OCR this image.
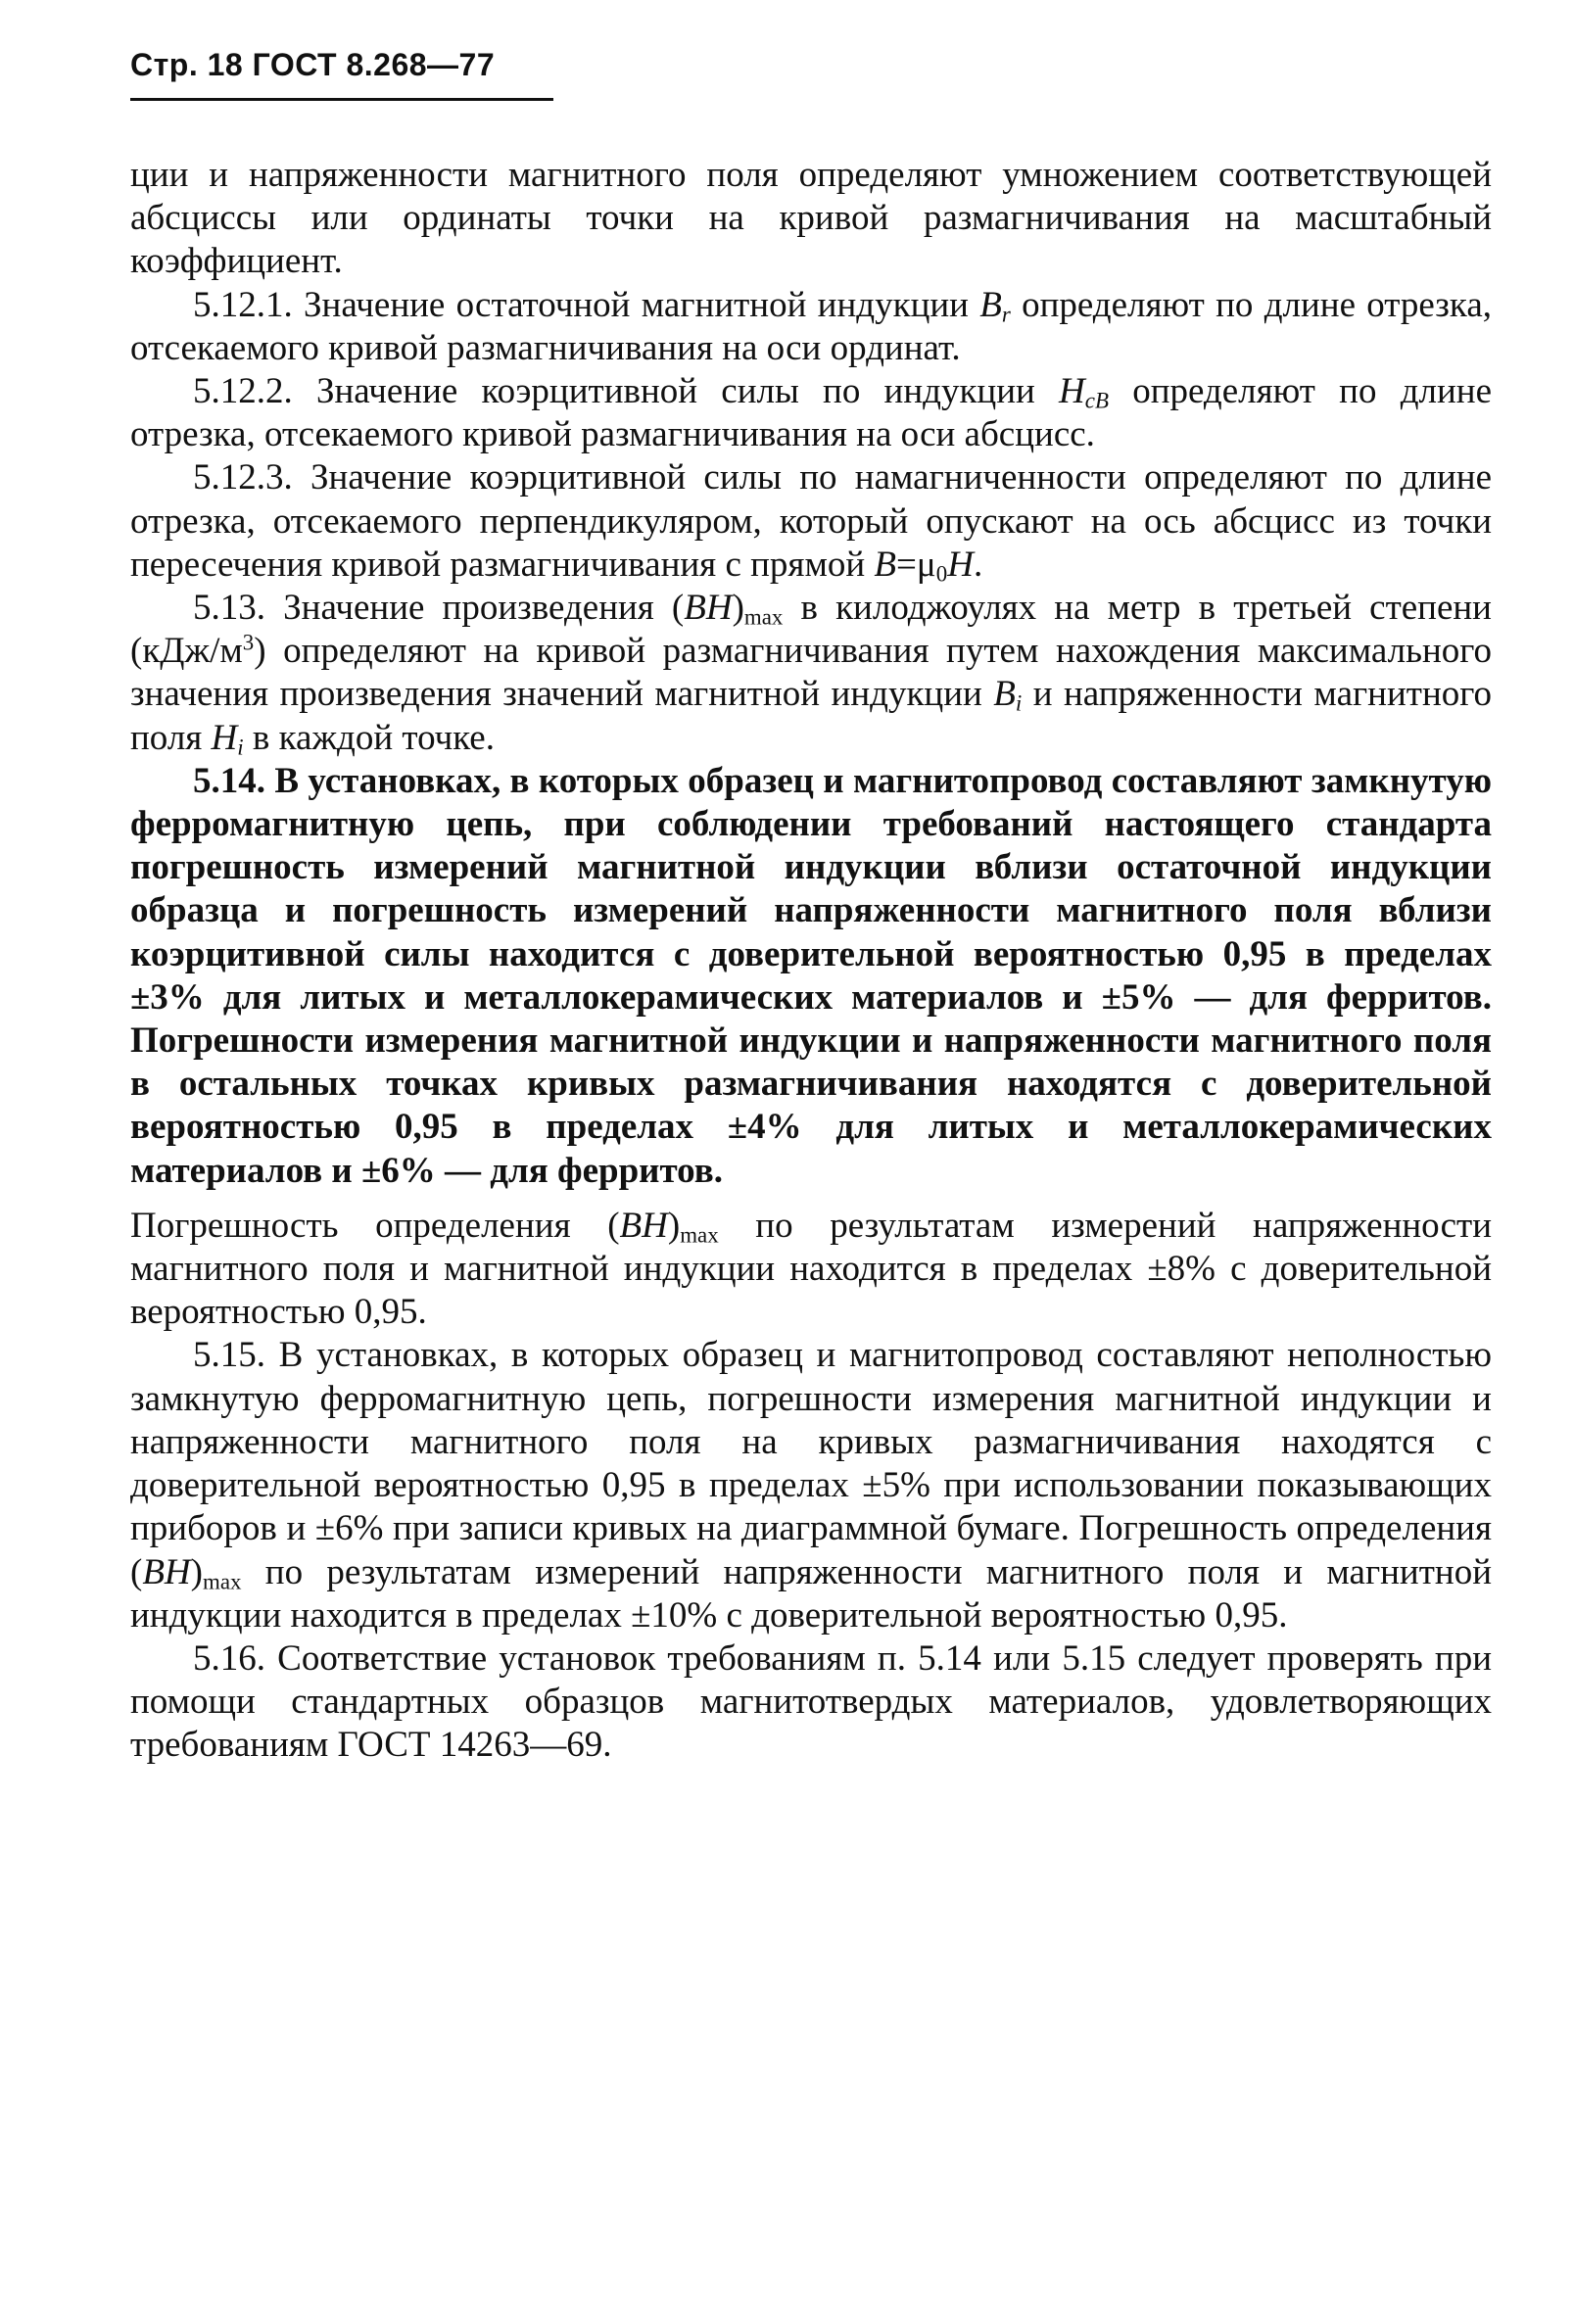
Стр. 18 ГОСТ 8.268—77

ции и напряженности магнитного поля определяют умножением соответствующей абсциссы или ординаты точки на кривой размагничивания на масштабный коэффициент.

5.12.1. Значение остаточной магнитной индукции $B_r$ определяют по длине отрезка, отсекаемого кривой размагничивания на оси ординат.

5.12.2. Значение коэрцитивной силы по индукции $H_{cB}$ определяют по длине отрезка, отсекаемого кривой размагничивания на оси абсцисс.

5.12.3. Значение коэрцитивной силы по намагниченности определяют по длине отрезка, отсекаемого перпендикуляром, который опускают на ось абсцисс из точки пересечения кривой размагничивания с прямой $B=\mu_0H$.

5.13. Значение произведения $(BH)_{max}$ в килоджоулях на метр в третьей степени $(кДж/м^3)$ определяют на кривой размагничивания путем нахождения максимального значения произведения значений магнитной индукции $B_i$ и напряженности магнитного поля $H_i$ в каждой точке.

5.14. В установках, в которых образец и магнитопровод составляют замкнутую ферромагнитную цепь, при соблюдении требований настоящего стандарта погрешность измерений магнитной индукции вблизи остаточной индукции образца и погрешность измерений напряженности магнитного поля вблизи коэрцитивной силы находится с доверительной вероятностью 0,95 в пределах ±3% для литых и металлокерамических материалов и ±5% — для ферритов. Погрешности измерения магнитной индукции и напряженности магнитного поля в остальных точках кривых размагничивания находятся с доверительной вероятностью 0,95 в пределах ±4% для литых и металлокерамических материалов и ±6% — для ферритов.

Погрешность определения $(BH)_{max}$ по результатам измерений напряженности магнитного поля и магнитной индукции находится в пределах ±8% с доверительной вероятностью 0,95.

5.15. В установках, в которых образец и магнитопровод составляют неполностью замкнутую ферромагнитную цепь, погрешности измерения магнитной индукции и напряженности магнитного поля на кривых размагничивания находятся с доверительной вероятностью 0,95 в пределах ±5% при использовании показывающих приборов и ±6% при записи кривых на диаграммной бумаге. Погрешность определения $(BH)_{max}$ по результатам измерений напряженности магнитного поля и магнитной индукции находится в пределах ±10% с доверительной вероятностью 0,95.

5.16. Соответствие установок требованиям п. 5.14 или 5.15 следует проверять при помощи стандартных образцов магнитотвердых материалов, удовлетворяющих требованиям ГОСТ 14263—69.
